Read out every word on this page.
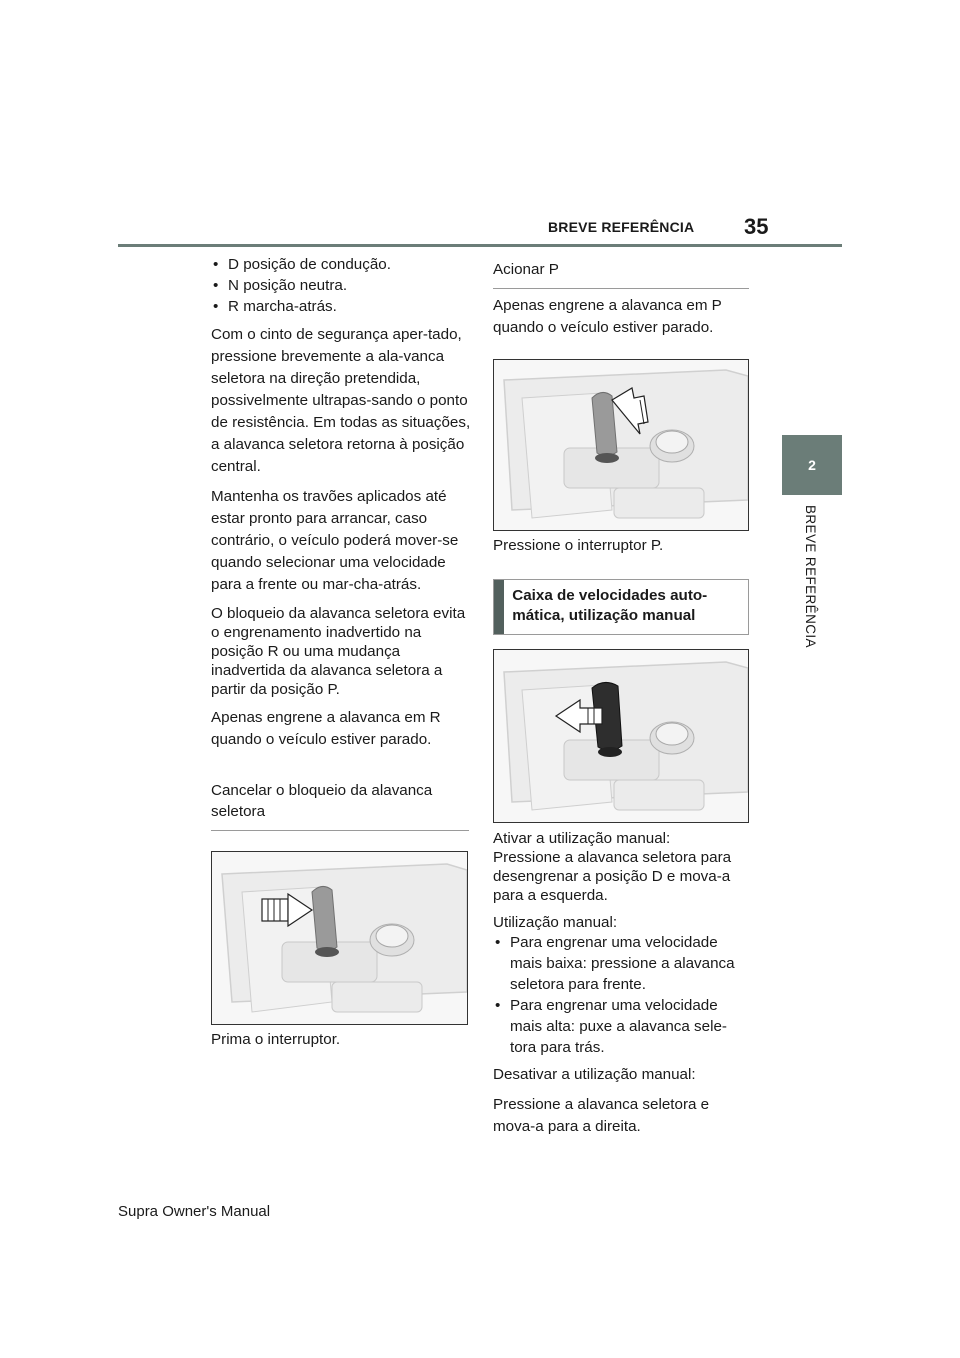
BREVE REFERÊNCIA 35
2
BREVE REFERÊNCIA
• D posição de condução.
• N posição neutra.
• R marcha-atrás.

Com o cinto de segurança aper-tado, pressione brevemente a ala-vanca seletora na direção pretendida, possivelmente ultrapas-sando o ponto de resistência. Em todas as situações, a alavanca seletora retorna à posição central.

Mantenha os travões aplicados até estar pronto para arrancar, caso contrário, o veículo poderá mover-se quando selecionar uma velocidade para a frente ou mar-cha-atrás.

O bloqueio da alavanca seletora evita o engrenamento inadvertido na posição R ou uma mudança inadvertida da alavanca seletora a partir da posição P.

Apenas engrene a alavanca em R quando o veículo estiver parado.

Cancelar o bloqueio da alavanca seletora

Prima o interruptor.

Acionar P

Apenas engrene a alavanca em P quando o veículo estiver parado.

Pressione o interruptor P.

Caixa de velocidades auto-mática, utilização manual

Ativar a utilização manual:

Pressione a alavanca seletora para desengrenar a posição D e mova-a para a esquerda.

Utilização manual:

• Para engrenar uma velocidade mais baixa: pressione a alavanca seletora para frente.
• Para engrenar uma velocidade mais alta: puxe a alavanca sele-tora para trás.

Desativar a utilização manual:

Pressione a alavanca seletora e mova-a para a direita.

Supra Owner's Manual
